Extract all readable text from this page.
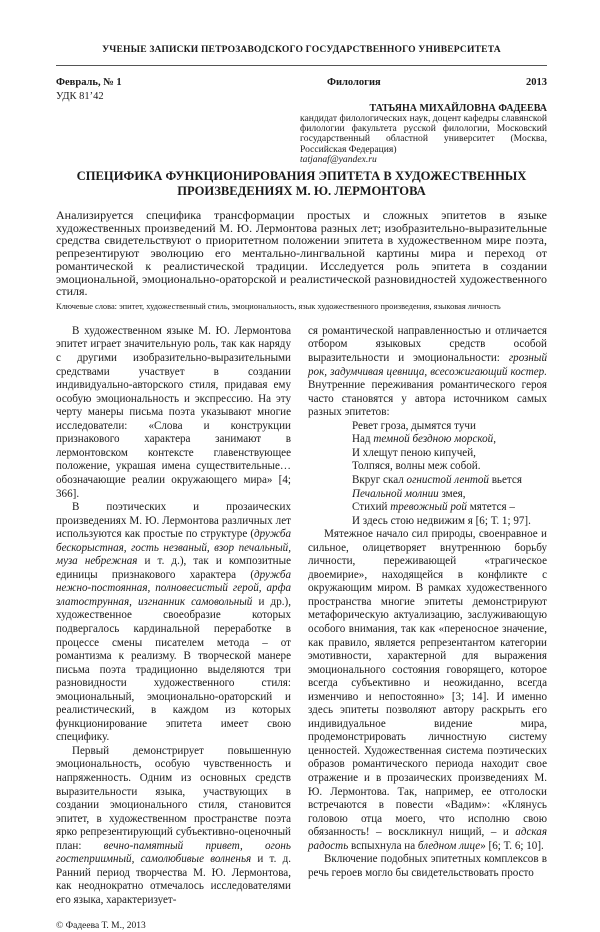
УЧЕНЫЕ ЗАПИСКИ ПЕТРОЗАВОДСКОГО ГОСУДАРСТВЕННОГО УНИВЕРСИТЕТА
Февраль, № 1	Филология	2013
УДК 81’42
ТАТЬЯНА МИХАЙЛОВНА ФАДЕЕВА
кандидат филологических наук, доцент кафедры славянской филологии факультета русской филологии, Московский государственный областной университет (Москва, Российская Федерация)
tatjanaf@yandex.ru
СПЕЦИФИКА ФУНКЦИОНИРОВАНИЯ ЭПИТЕТА В ХУДОЖЕСТВЕННЫХ
ПРОИЗВЕДЕНИЯХ М. Ю. ЛЕРМОНТОВА
Анализируется специфика трансформации простых и сложных эпитетов в языке художественных произведений М. Ю. Лермонтова разных лет; изобразительно-выразительные средства свидетельствуют о приоритетном положении эпитета в художественном мире поэта, репрезентируют эволюцию его ментально-лингвальной картины мира и переход от романтической к реалистической традиции. Исследуется роль эпитета в создании эмоциональной, эмоционально-ораторской и реалистической разновидностей художественного стиля.
Ключевые слова: эпитет, художественный стиль, эмоциональность, язык художественного произведения, языковая личность

В художественном языке М. Ю. Лермонтова эпитет играет значительную роль, так как наряду с другими изобразительно-выразительными средствами участвует в создании индивидуально-авторского стиля, придавая ему особую эмоциональность и экспрессию. На эту черту манеры письма поэта указывают многие исследователи: «Слова и конструкции признакового характера занимают в лермонтовском контексте главенствующее положение, украшая имена существительные… обозначающие реалии окружающего мира» [4; 366].

В поэтических и прозаических произведениях М. Ю. Лермонтова различных лет используются как простые по структуре (дружба бескорыстная, гость незваный, взор печальный, муза небрежная и т. д.), так и композитные единицы признакового характера (дружба нежно-постоянная, полновесистый герой, арфа златострунная, изгнанник самовольный и др.), художественное своеобразие которых подвергалось кардинальной переработке в процессе смены писателем метода – от романтизма к реализму. В творческой манере письма поэта традиционно выделяются три разновидности художественного стиля: эмоциональный, эмоционально-ораторский и реалистический, в каждом из которых функционирование эпитета имеет свою специфику.

Первый демонстрирует повышенную эмоциональность, особую чувственность и напряженность. Одним из основных средств выразительности языка, участвующих в создании эмоционального стиля, становится эпитет, в художественном пространстве поэта ярко репрезентирующий субъективно-оценочный план: вечно-памятный привет, огонь гостеприимный, самолюбивые волненья и т. д. Ранний период творчества М. Ю. Лермонтова, как неоднократно отмечалось исследователями его языка, характеризует-

© Фадеева Т. М., 2013

ся романтической направленностью и отличается отбором языковых средств особой выразительности и эмоциональности: грозный рок, задумчивая цевница, всесожигающий костер. Внутренние переживания романтического героя часто становятся у автора источником самых разных эпитетов:

Ревет гроза, дымятся тучи
Над темной бездною морской,
И хлещут пеною кипучей,
Толпяся, волны меж собой.
Вкруг скал огнистой лентой вьется
Печальной молнии змея,
Стихий тревожный рой мятется –
И здесь стою недвижим я [6; Т. 1; 97].

Мятежное начало сил природы, своенравное и сильное, олицетворяет внутреннюю борьбу личности, переживающей «трагическое двоемирие», находящейся в конфликте с окружающим миром. В рамках художественного пространства многие эпитеты демонстрируют метафорическую актуализацию, заслуживающую особого внимания, так как «переносное значение, как правило, является репрезентантом категории эмотивности, характерной для выражения эмоционального состояния говорящего, которое всегда субъективно и неожиданно, всегда изменчиво и непостоянно» [3; 14]. И именно здесь эпитеты позволяют автору раскрыть его индивидуальное видение мира, продемонстрировать личностную систему ценностей. Художественная система поэтических образов романтического периода находит свое отражение и в прозаических произведениях М. Ю. Лермонтова. Так, например, ее отголоски встречаются в повести «Вадим»: «Клянусь головою отца моего, что исполню свою обязанность! – воскликнул нищий, – и адская радость вспыхнула на бледном лице» [6; Т. 6; 10].

Включение подобных эпитетных комплексов в речь героев могло бы свидетельствовать просто
